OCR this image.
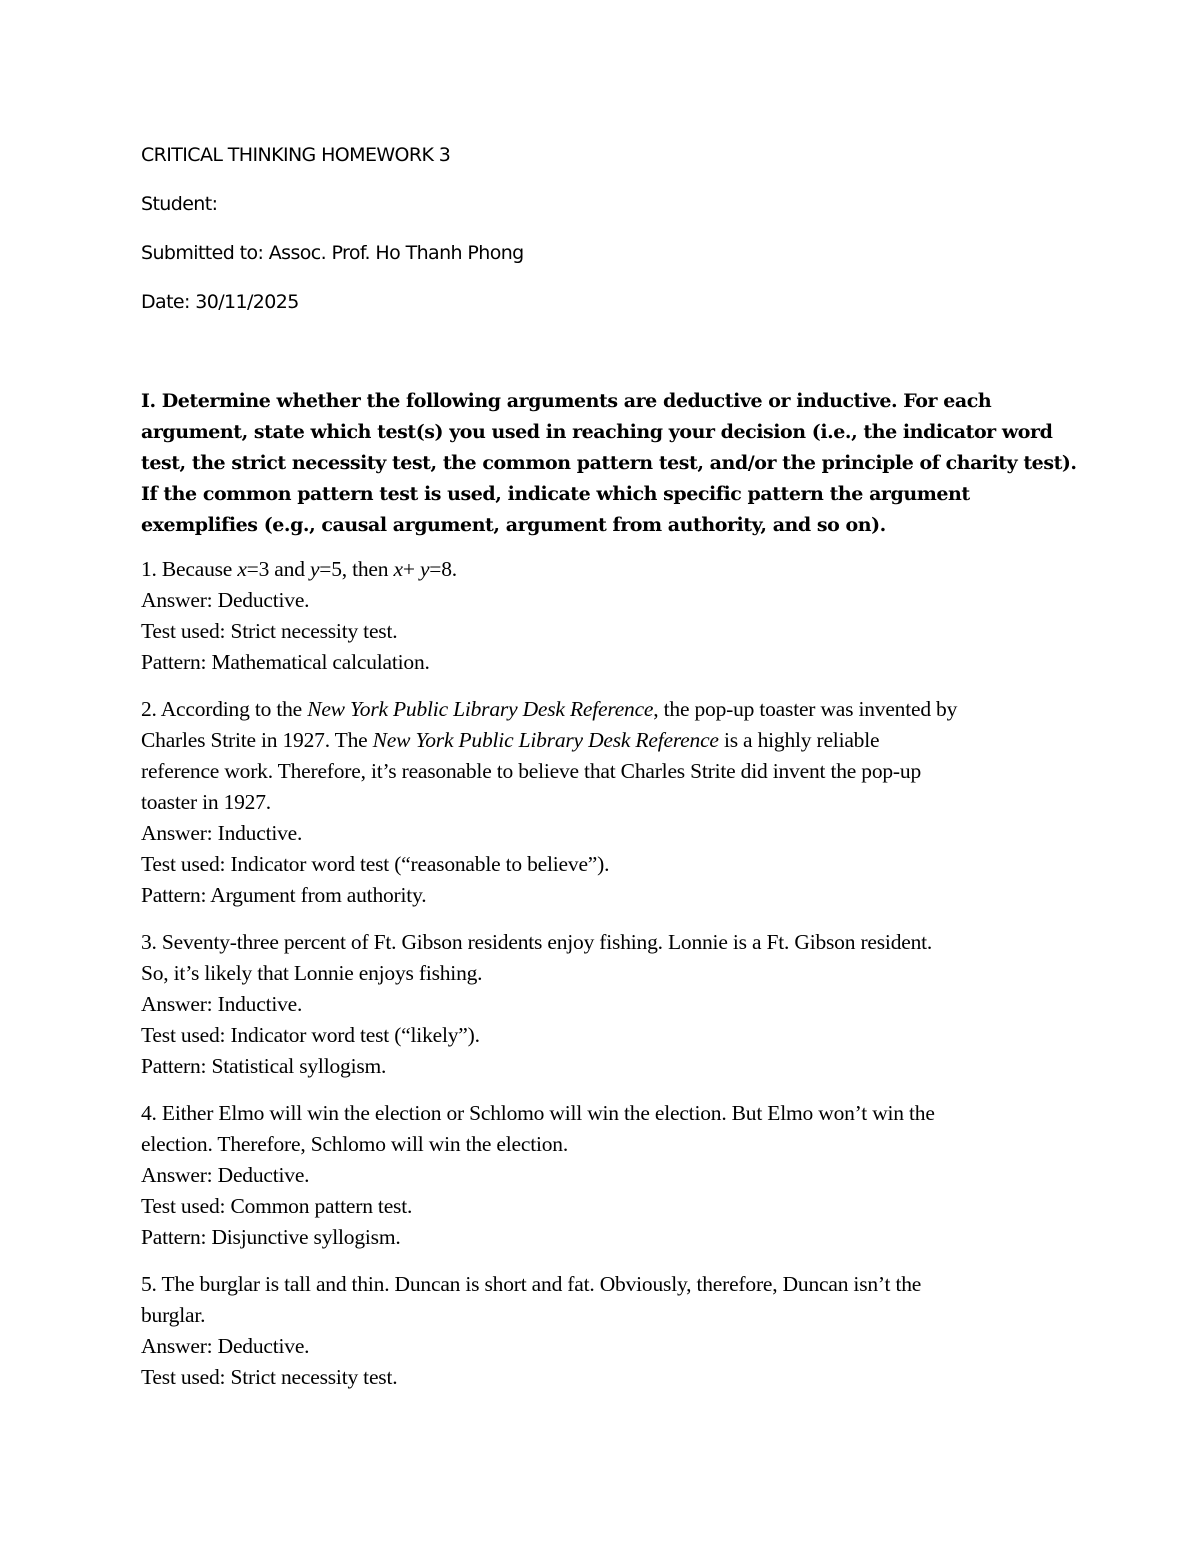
CRITICAL THINKING HOMEWORK 3
Student:
Submitted to: Assoc. Prof. Ho Thanh Phong
Date: 30/11/2025
I. Determine whether the following arguments are deductive or inductive. For each
argument, state which test(s) you used in reaching your decision (i.e., the indicator word
test, the strict necessity test, the common pattern test, and/or the principle of charity test).
If the common pattern test is used, indicate which specific pattern the argument
exemplifies (e.g., causal argument, argument from authority, and so on).
1. Because x=3 and y=5, then x+ y=8.
Answer: Deductive.
Test used: Strict necessity test.
Pattern: Mathematical calculation.
2. According to the New York Public Library Desk Reference, the pop-up toaster was invented by
Charles Strite in 1927. The New York Public Library Desk Reference is a highly reliable
reference work. Therefore, it’s reasonable to believe that Charles Strite did invent the pop-up
toaster in 1927.
Answer: Inductive.
Test used: Indicator word test (“reasonable to believe”).
Pattern: Argument from authority.
3. Seventy-three percent of Ft. Gibson residents enjoy fishing. Lonnie is a Ft. Gibson resident.
So, it’s likely that Lonnie enjoys fishing.
Answer: Inductive.
Test used: Indicator word test (“likely”).
Pattern: Statistical syllogism.
4. Either Elmo will win the election or Schlomo will win the election. But Elmo won’t win the
election. Therefore, Schlomo will win the election.
Answer: Deductive.
Test used: Common pattern test.
Pattern: Disjunctive syllogism.
5. The burglar is tall and thin. Duncan is short and fat. Obviously, therefore, Duncan isn’t the
burglar.
Answer: Deductive.
Test used: Strict necessity test.
